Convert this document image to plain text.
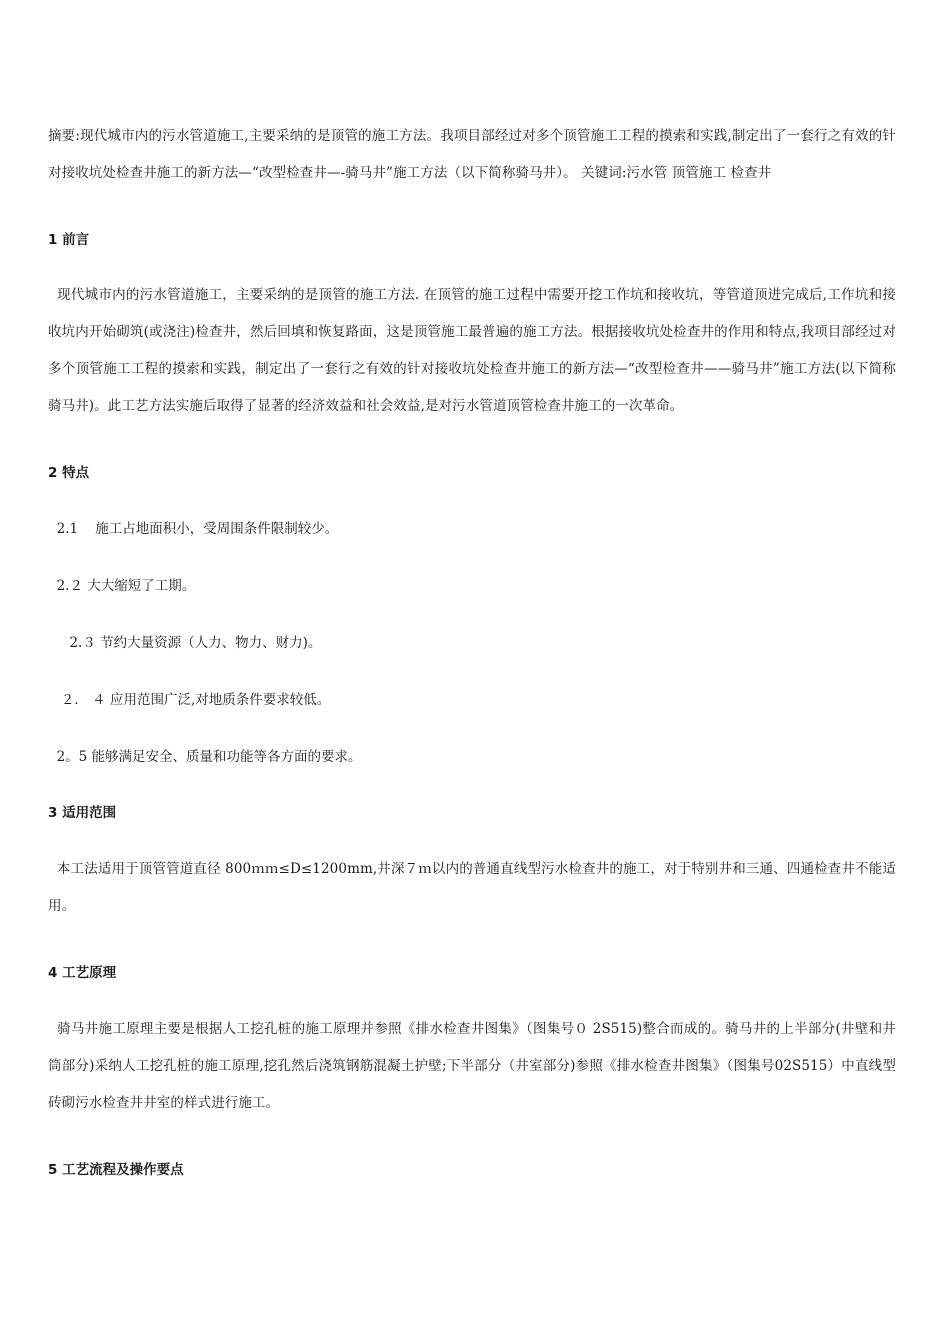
摘要:现代城市内的污水管道施工,主要采纳的是顶管的施工方法。我项目部经过对多个顶管施工工程的摸索和实践,制定出了一套行之有效的针对接收坑处检查井施工的新方法—“改型检查井—-骑马井”施工方法（以下简称骑马井）。 关键词:污水管 顶管施工 检查井

1 前言

现代城市内的污水管道施工，主要采纳的是顶管的施工方法. 在顶管的施工过程中需要开挖工作坑和接收坑，等管道顶进完成后,工作坑和接收坑内开始砌筑(或浇注)检查井，然后回填和恢复路面，这是顶管施工最普遍的施工方法。根据接收坑处检查井的作用和特点,我项目部经过对多个顶管施工工程的摸索和实践，制定出了一套行之有效的针对接收坑处检查井施工的新方法—“改型检查井——骑马井”施工方法(以下简称骑马井)。此工艺方法实施后取得了显著的经济效益和社会效益,是对污水管道顶管检查井施工的一次革命。

2 特点

2.1    施工占地面积小，受周围条件限制较少。

2.２ 大大缩短了工期。

2.３ 节约大量资源（人力、物力、财力)。

２． ４ 应用范围广泛,对地质条件要求较低。

2。5 能够满足安全、质量和功能等各方面的要求。

3 适用范围

本工法适用于顶管管道直径 800ｍｍ≤D≤1200mm,井深７ｍ以内的普通直线型污水检查井的施工，对于特别井和三通、四通检查井不能适用。

4 工艺原理

骑马井施工原理主要是根据人工挖孔桩的施工原理并参照《排水检查井图集》（图集号０ 2S515)整合而成的。骑马井的上半部分(井壁和井筒部分)采纳人工挖孔桩的施工原理,挖孔然后浇筑钢筋混凝土护壁;下半部分（井室部分)参照《排水检查井图集》（图集号02S515）中直线型砖砌污水检查井井室的样式进行施工。

5 工艺流程及操作要点
